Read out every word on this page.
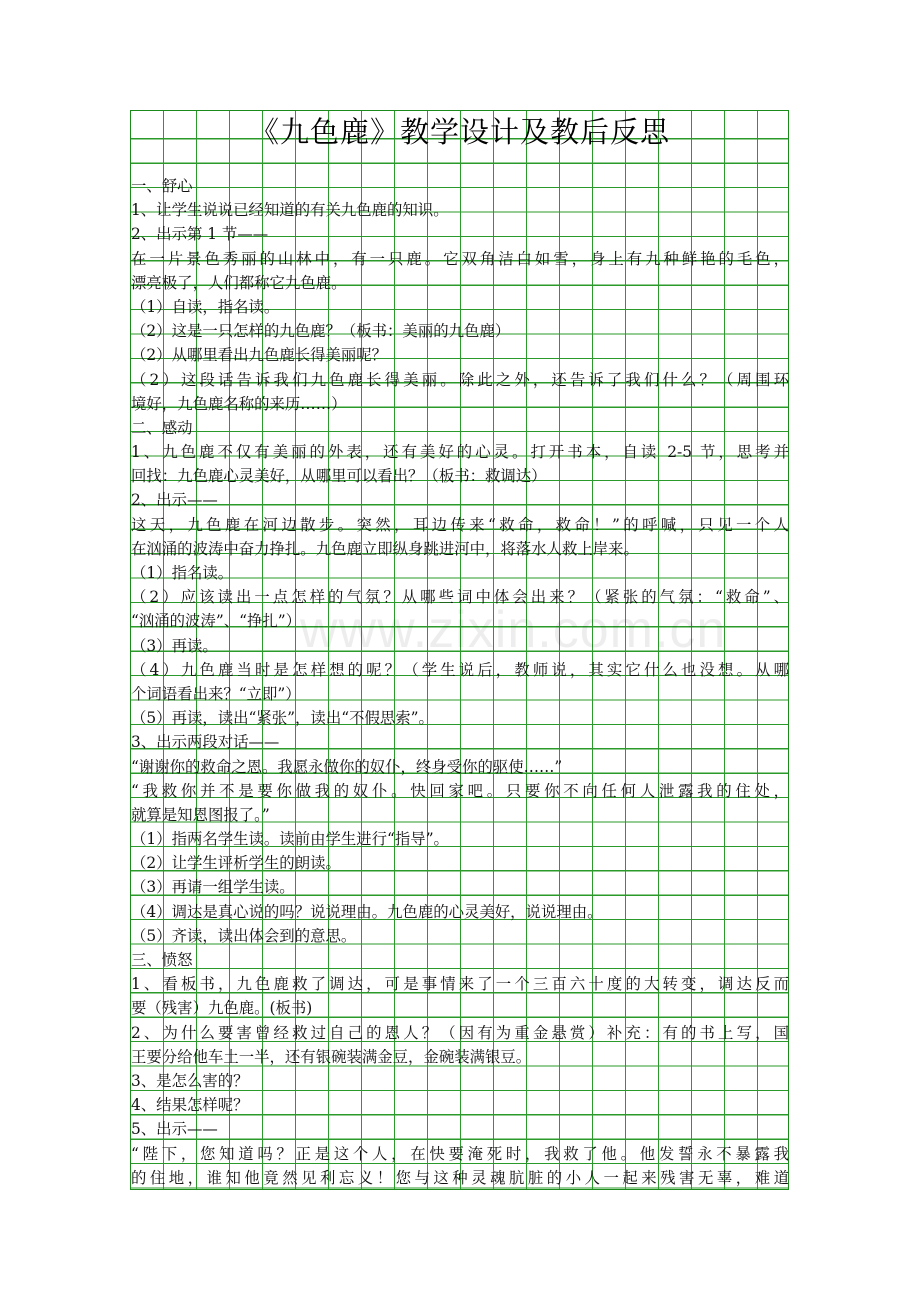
《九色鹿》教学设计及教后反思
一、舒心
1、让学生说说已经知道的有关九色鹿的知识。
2、出示第 1 节——
在一片景色秀丽的山林中，有一只鹿。它双角洁白如雪，身上有九种鲜艳的毛色，
漂亮极了，人们都称它九色鹿。
（1）自读，指名读。
（2）这是一只怎样的九色鹿？（板书：美丽的九色鹿）
（2）从哪里看出九色鹿长得美丽呢？
（2）这段话告诉我们九色鹿长得美丽。除此之外，还告诉了我们什么？（周围环
境好，九色鹿名称的来历……）
二、感动
1、九色鹿不仅有美丽的外表，还有美好的心灵。打开书本，自读 2-5 节，思考并
回找：九色鹿心灵美好，从哪里可以看出？（板书：救调达）
2、出示——
这天，九色鹿在河边散步。突然，耳边传来“救命，救命！”的呼喊，只见一个人
在汹涌的波涛中奋力挣扎。九色鹿立即纵身跳进河中，将落水人救上岸来。
（1）指名读。
（2）应该读出一点怎样的气氛？从哪些词中体会出来？（紧张的气氛：“救命”、
“汹涌的波涛”、“挣扎”）
（3）再读。
（4）九色鹿当时是怎样想的呢？（学生说后，教师说，其实它什么也没想。从哪
个词语看出来？“立即”）
（5）再读，读出“紧张”，读出“不假思索”。
3、出示两段对话——
“谢谢你的救命之恩。我愿永做你的奴仆，终身受你的驱使……”
“我救你并不是要你做我的奴仆。快回家吧。只要你不向任何人泄露我的住处，
就算是知恩图报了。”
（1）指两名学生读。读前由学生进行“指导”。
（2）让学生评析学生的朗读。
（3）再请一组学生读。
（4）调达是真心说的吗？说说理由。九色鹿的心灵美好，说说理由。
（5）齐读，读出体会到的意思。
三、愤怒
1、看板书，九色鹿救了调达，可是事情来了一个三百六十度的大转变，调达反而
要（残害）九色鹿。(板书)
2、为什么要害曾经救过自己的恩人？（因有为重金悬赏）补充：有的书上写，国
王要分给他车土一半，还有银碗装满金豆，金碗装满银豆。
3、是怎么害的？
4、结果怎样呢？
5、出示——
“陛下，您知道吗？正是这个人，在快要淹死时，我救了他。他发誓永不暴露我
的住地，谁知他竟然见利忘义！您与这种灵魂肮脏的小人一起来残害无辜，难道
